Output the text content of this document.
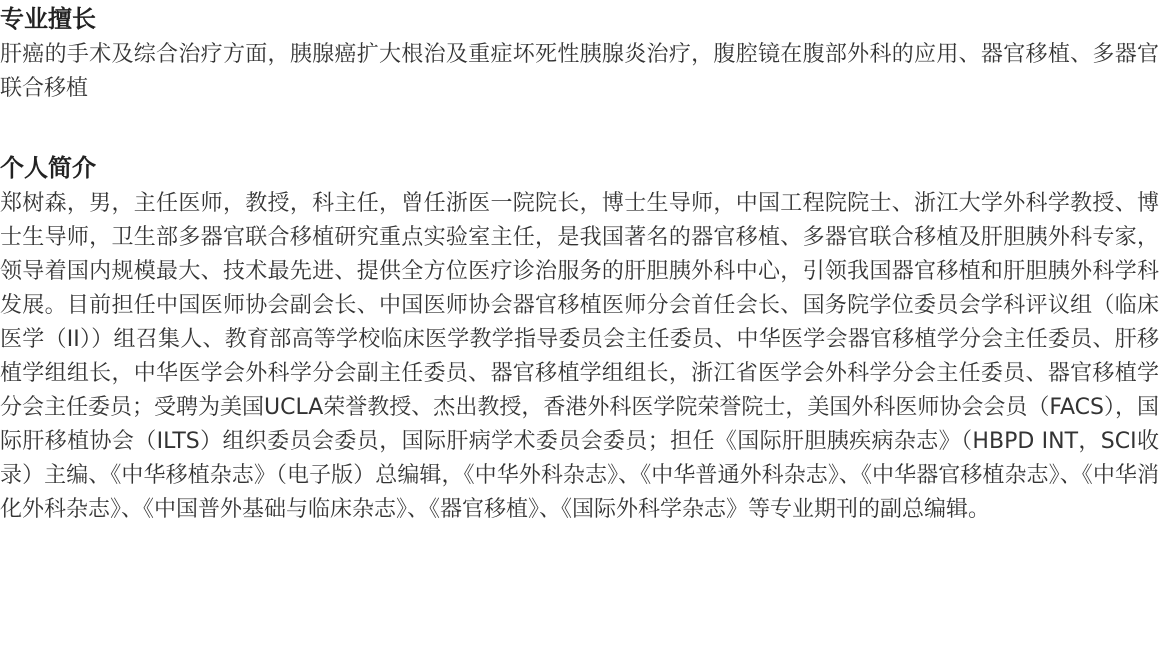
专业擅长

肝癌的手术及综合治疗方面，胰腺癌扩大根治及重症坏死性胰腺炎治疗，腹腔镜在腹部外科的应用、器官移植、多器官联合移植

个人简介

郑树森，男，主任医师，教授，科主任，曾任浙医一院院长，博士生导师，中国工程院院士、浙江大学外科学教授、博士生导师，卫生部多器官联合移植研究重点实验室主任，是我国著名的器官移植、多器官联合移植及肝胆胰外科专家，领导着国内规模最大、技术最先进、提供全方位医疗诊治服务的肝胆胰外科中心，引领我国器官移植和肝胆胰外科学科发展。目前担任中国医师协会副会长、中国医师协会器官移植医师分会首任会长、国务院学位委员会学科评议组（临床医学（II））组召集人、教育部高等学校临床医学教学指导委员会主任委员、中华医学会器官移植学分会主任委员、肝移植学组组长，中华医学会外科学分会副主任委员、器官移植学组组长，浙江省医学会外科学分会主任委员、器官移植学分会主任委员；受聘为美国UCLA荣誉教授、杰出教授，香港外科医学院荣誉院士，美国外科医师协会会员（FACS），国际肝移植协会（ILTS）组织委员会委员，国际肝病学术委员会委员；担任《国际肝胆胰疾病杂志》（HBPD INT，SCI收录）主编、《中华移植杂志》（电子版）总编辑，《中华外科杂志》、《中华普通外科杂志》、《中华器官移植杂志》、《中华消化外科杂志》、《中国普外基础与临床杂志》、《器官移植》、《国际外科学杂志》等专业期刊的副总编辑。
